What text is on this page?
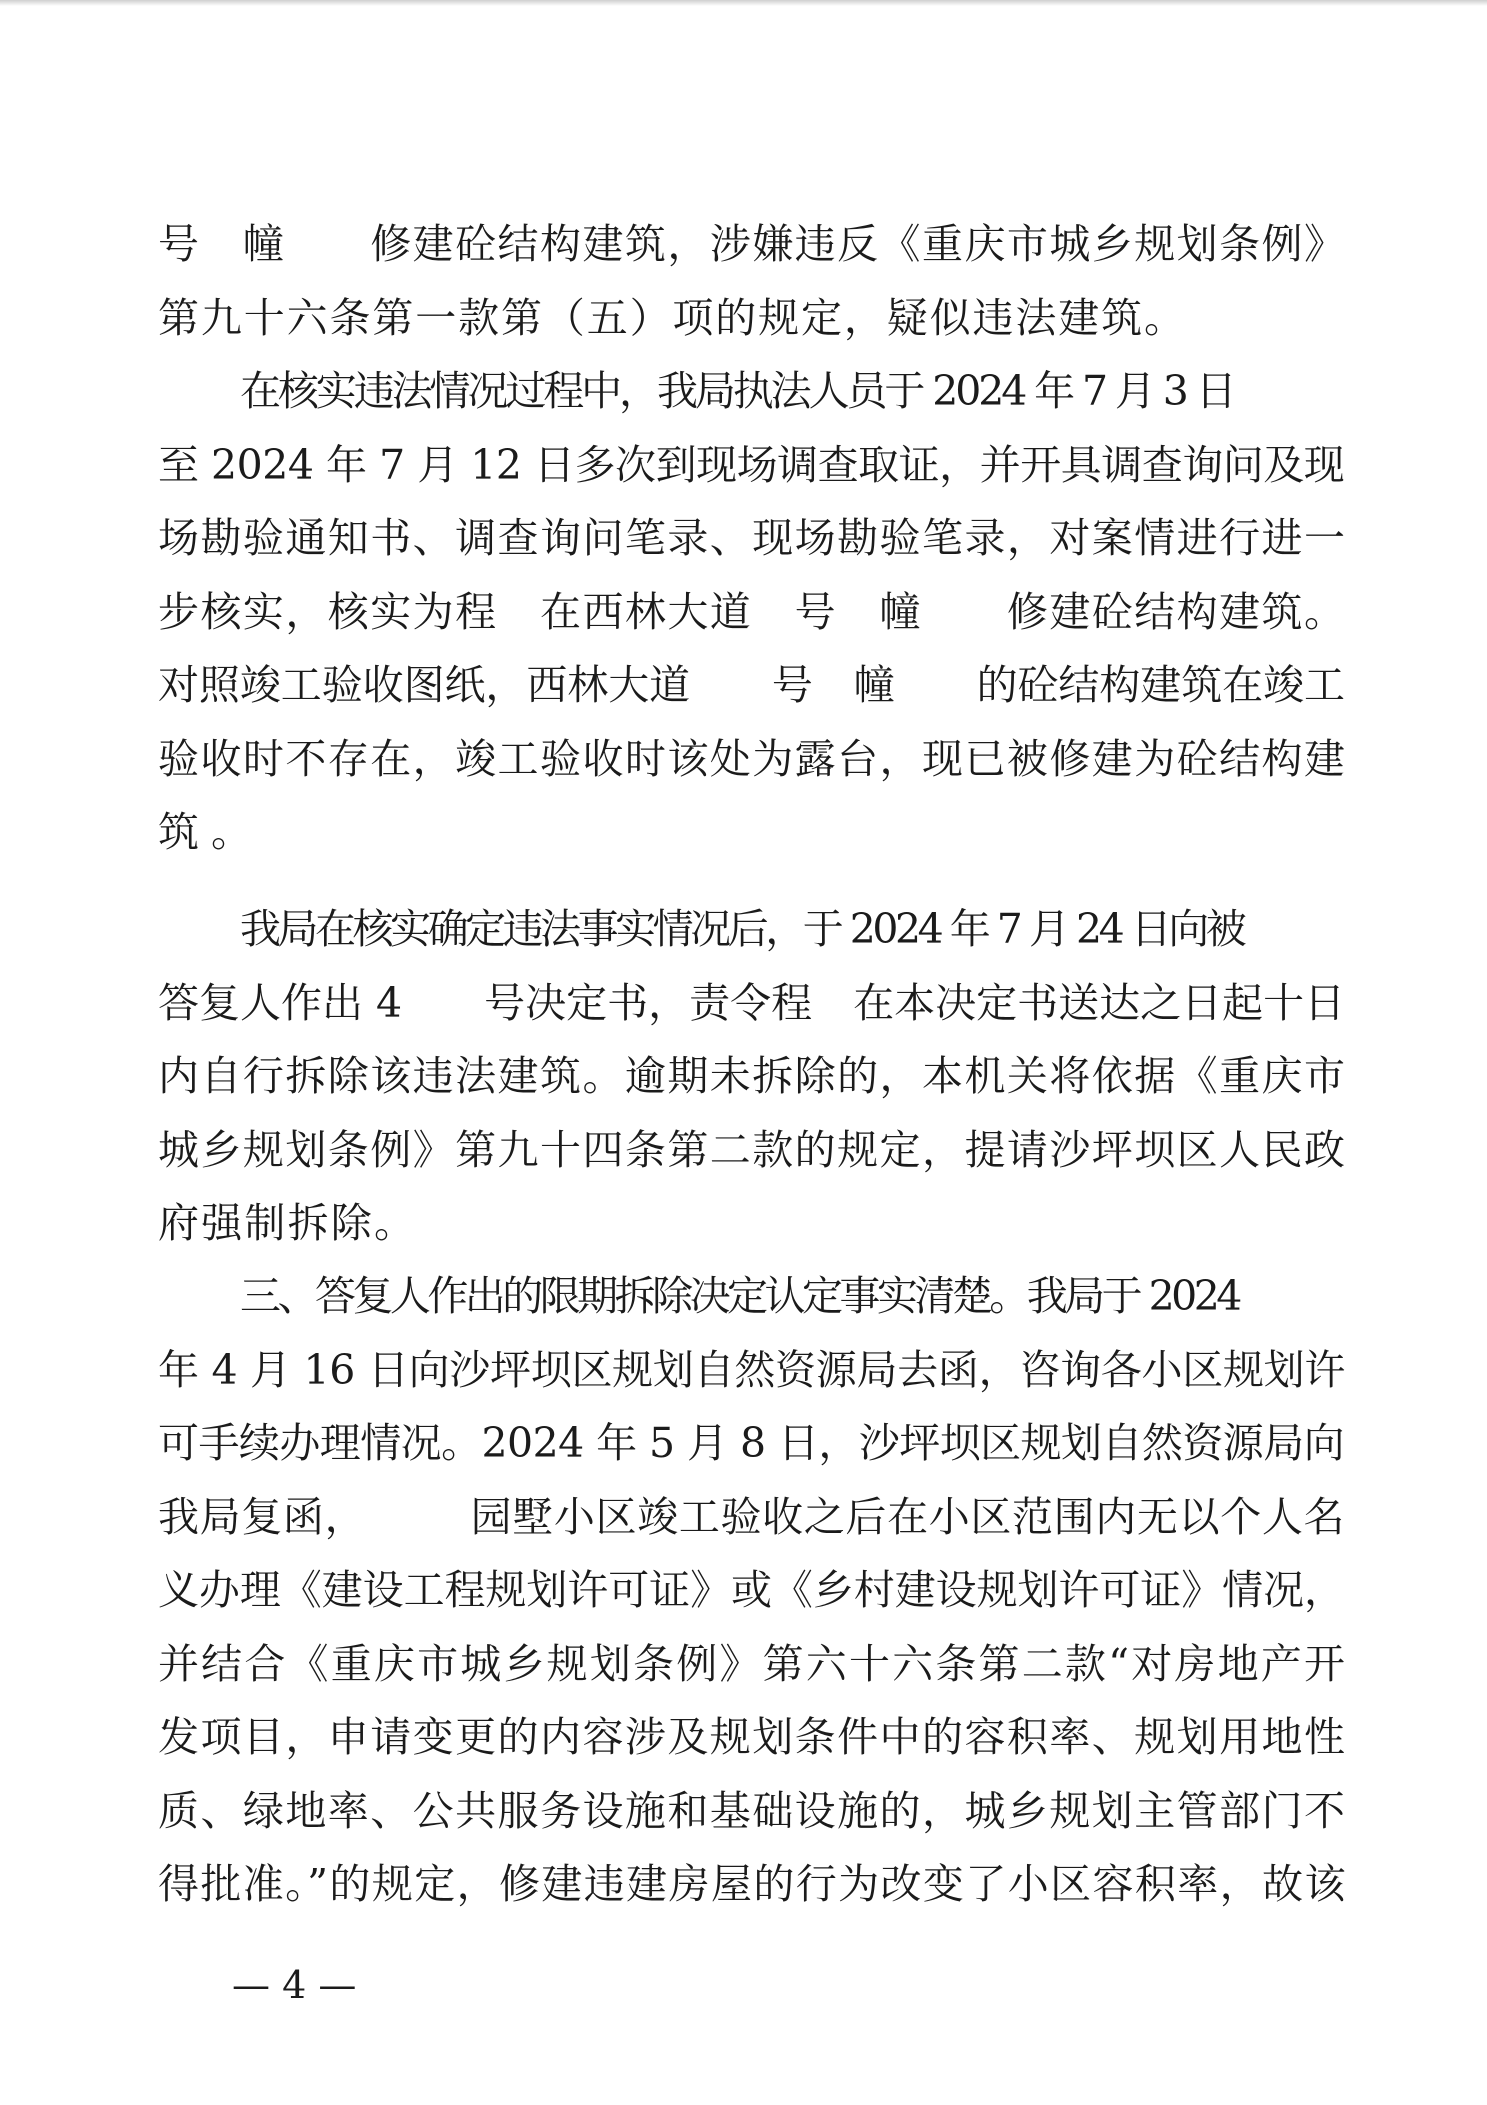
号　幢　　修建砼结构建筑，涉嫌违反《重庆市城乡规划条例》
第九十六条第一款第（五）项的规定，疑似违法建筑。
在核实违法情况过程中，我局执法人员于 2024 年 7 月 3 日
至 2024 年 7 月 12 日多次到现场调查取证，并开具调查询问及现
场勘验通知书、调查询问笔录、现场勘验笔录，对案情进行进一
步核实，核实为程　在西林大道　号　幢　　修建砼结构建筑。
对照竣工验收图纸，西林大道　　号　幢　　的砼结构建筑在竣工
验收时不存在，竣工验收时该处为露台，现已被修建为砼结构建
筑。
我局在核实确定违法事实情况后，于 2024 年 7 月 24 日向被
答复人作出 4　　号决定书，责令程　在本决定书送达之日起十日
内自行拆除该违法建筑。逾期未拆除的，本机关将依据《重庆市
城乡规划条例》第九十四条第二款的规定，提请沙坪坝区人民政
府强制拆除。
三、答复人作出的限期拆除决定认定事实清楚。我局于 2024
年 4 月 16 日向沙坪坝区规划自然资源局去函，咨询各小区规划许
可手续办理情况。2024 年 5 月 8 日，沙坪坝区规划自然资源局向
我局复函，　　　园墅小区竣工验收之后在小区范围内无以个人名
义办理《建设工程规划许可证》或《乡村建设规划许可证》情况，
并结合《重庆市城乡规划条例》第六十六条第二款“对房地产开
发项目，申请变更的内容涉及规划条件中的容积率、规划用地性
质、绿地率、公共服务设施和基础设施的，城乡规划主管部门不
得批准。”的规定，修建违建房屋的行为改变了小区容积率，故该
— 4 —
